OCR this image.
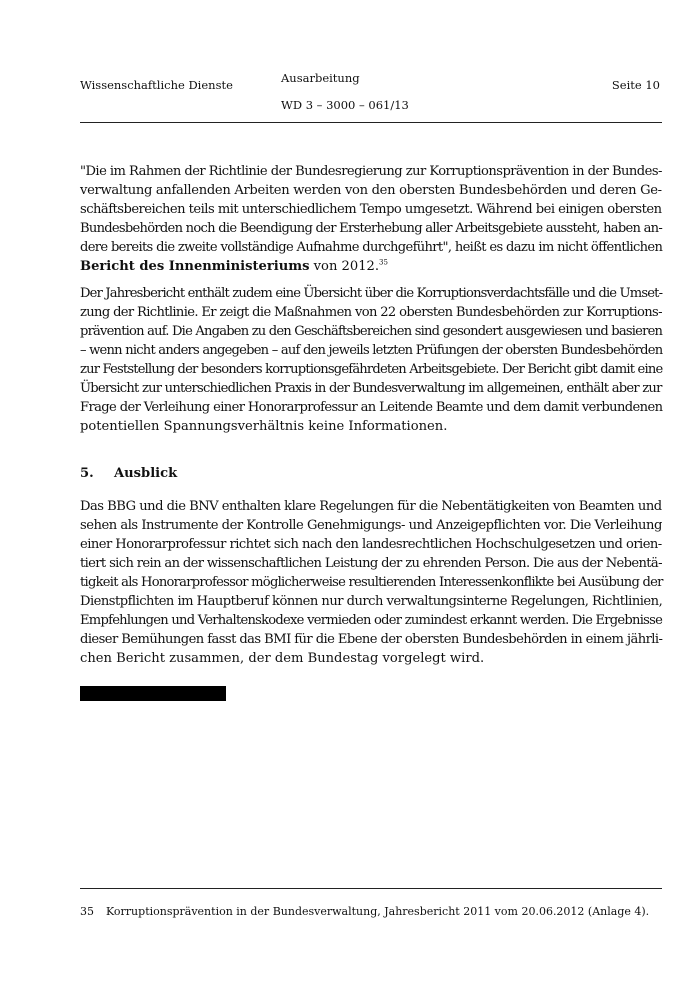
Wissenschaftliche Dienste	Ausarbeitung
WD 3 – 3000 – 061/13
Seite 10
"Die im Rahmen der Richtlinie der Bundesregierung zur Korruptionsprävention in der Bundes-
verwaltung anfallenden Arbeiten werden von den obersten Bundesbehörden und deren Ge-
schäftsbereichen teils mit unterschiedlichem Tempo umgesetzt. Während bei einigen obersten
Bundesbehörden noch die Beendigung der Ersterhebung aller Arbeitsgebiete aussteht, haben an-
dere bereits die zweite vollständige Aufnahme durchgeführt", heißt es dazu im nicht öffentlichen
Bericht des Innenministeriums von 2012.35
Der Jahresbericht enthält zudem eine Übersicht über die Korruptionsverdachtsfälle und die Umset-
zung der Richtlinie. Er zeigt die Maßnahmen von 22 obersten Bundesbehörden zur Korruptions-
prävention auf. Die Angaben zu den Geschäftsbereichen sind gesondert ausgewiesen und basieren
– wenn nicht anders angegeben – auf den jeweils letzten Prüfungen der obersten Bundesbehörden
zur Feststellung der besonders korruptionsgefährdeten Arbeitsgebiete. Der Bericht gibt damit eine
Übersicht zur unterschiedlichen Praxis in der Bundesverwaltung im allgemeinen, enthält aber zur
Frage der Verleihung einer Honorarprofessur an Leitende Beamte und dem damit verbundenen
potentiellen Spannungsverhältnis keine Informationen.
5. Ausblick
Das BBG und die BNV enthalten klare Regelungen für die Nebentätigkeiten von Beamten und
sehen als Instrumente der Kontrolle Genehmigungs- und Anzeigepflichten vor. Die Verleihung
einer Honorarprofessur richtet sich nach den landesrechtlichen Hochschulgesetzen und orien-
tiert sich rein an der wissenschaftlichen Leistung der zu ehrenden Person. Die aus der Nebentä-
tigkeit als Honorarprofessor möglicherweise resultierenden Interessenkonflikte bei Ausübung der
Dienstpflichten im Hauptberuf können nur durch verwaltungsinterne Regelungen, Richtlinien,
Empfehlungen und Verhaltenskodexe vermieden oder zumindest erkannt werden. Die Ergebnisse
dieser Bemühungen fasst das BMI für die Ebene der obersten Bundesbehörden in einem jährli-
chen Bericht zusammen, der dem Bundestag vorgelegt wird.
35 Korruptionsprävention in der Bundesverwaltung, Jahresbericht 2011 vom 20.06.2012 (Anlage 4).
